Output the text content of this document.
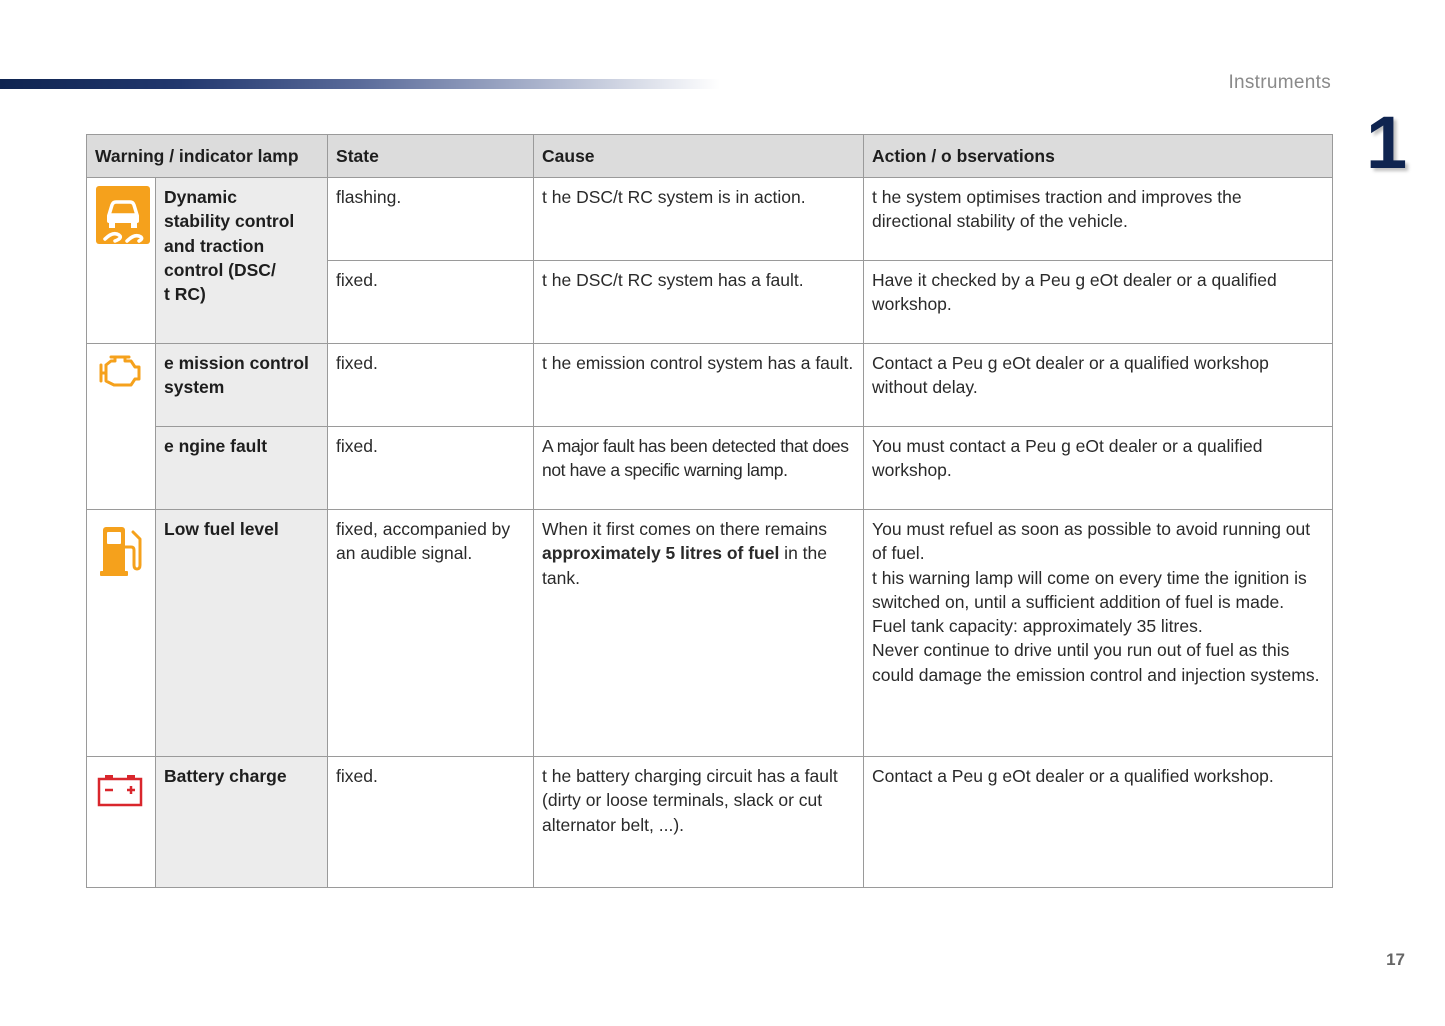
Instruments
1
Warning / indicator lamp		State	Cause	Action / o bservations

	Dynamic
stability control
and traction
control (DSC/
t RC)	flashing.	t he DSC/t RC system is in action.	t he system optimises traction and improves the directional stability of the vehicle.
		fixed.	t he DSC/t RC system has a fault.	Have it checked by a Peu g eOt dealer or a qualified workshop.

	e mission control system	fixed.	t he emission control system has a fault.	Contact a Peu g eOt dealer or a qualified workshop without delay.
	e ngine fault	fixed.	A major fault has been detected that does not have a specific warning lamp.	You must contact a Peu g eOt dealer or a qualified workshop.

	Low fuel level	fixed, accompanied by an audible signal.	When it first comes on there remains approximately 5 litres of fuel in the tank.	You must refuel as soon as possible to avoid running out of fuel.
t his warning lamp will come on every time the ignition is switched on, until a sufficient addition of fuel is made.
Fuel tank capacity: approximately 35 litres.
Never continue to drive until you run out of fuel as this could damage the emission control and injection systems.

	Battery charge	fixed.	t he battery charging circuit has a fault (dirty or loose terminals, slack or cut alternator belt, ...).	Contact a Peu g eOt dealer or a qualified workshop.
17
